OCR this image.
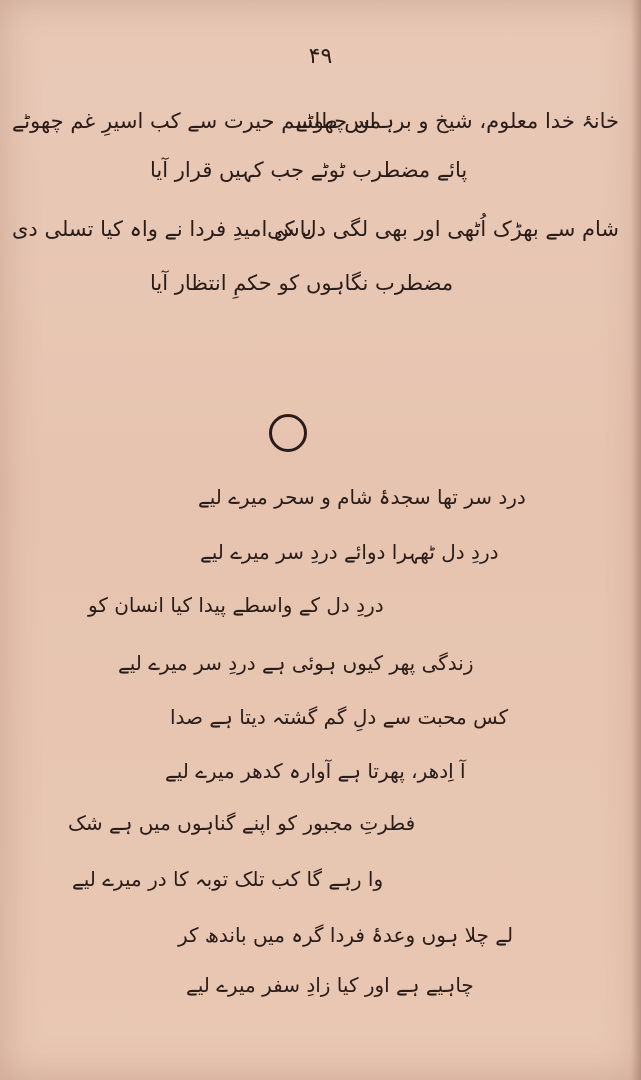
۴۹
خانۂ خدا معلوم، شیخ و برہمن چھوٹے
اس طلسم حیرت سے کب اسیرِ غم چھوٹے
پائے مضطرب ٹوٹے جب کہیں قرار آیا
شام سے بھڑک اُٹھی اور بھی لگی دل کی
یاس امیدِ فردا نے واہ کیا تسلی دی
مضطرب نگاہوں کو حکمِ انتظار آیا
درد سر تھا سجدۂ شام و سحر میرے لیے
دردِ دل ٹھہرا دوائے دردِ سر میرے لیے
دردِ دل کے واسطے پیدا کیا انسان کو
زندگی پھر کیوں ہوئی ہے دردِ سر میرے لیے
کس محبت سے دلِ گم گشتہ دیتا ہے صدا
آ اِدھر، پھرتا ہے آوارہ کدھر میرے لیے
فطرتِ مجبور کو اپنے گناہوں میں ہے شک
وا رہے گا کب تلک توبہ کا در میرے لیے
لے چلا ہوں وعدۂ فردا گرہ میں باندھ کر
چاہیے ہے اور کیا زادِ سفر میرے لیے
